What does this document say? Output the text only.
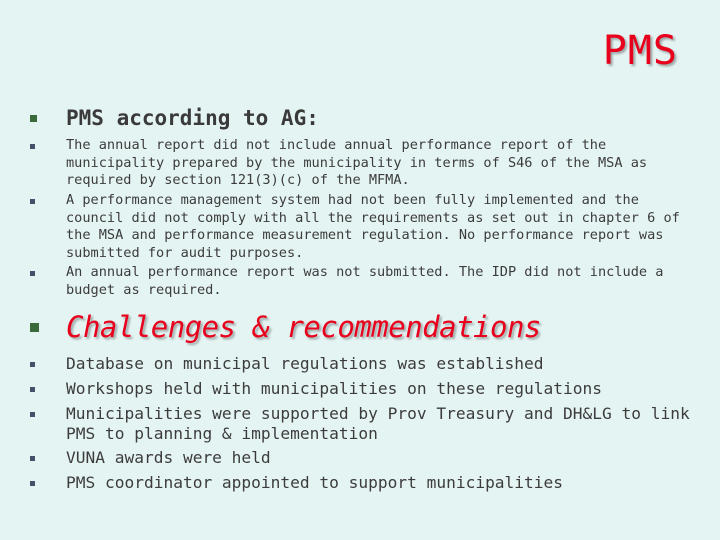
PMS
PMS according to AG:
The annual report did not include annual performance report of the municipality prepared by the municipality in terms of S46 of the MSA as required by section 121(3)(c) of the MFMA.
A performance management system had not been fully implemented and the council did not comply with all the requirements as set out in chapter 6 of the MSA and performance measurement regulation. No performance report was submitted for audit purposes.
An annual performance report was not submitted. The IDP did not include a budget as required.
Challenges & recommendations
Database on municipal regulations was established
Workshops held with municipalities on these regulations
Municipalities were supported by Prov Treasury and DH&LG to link PMS to planning & implementation
VUNA awards were held
PMS coordinator appointed to support municipalities
